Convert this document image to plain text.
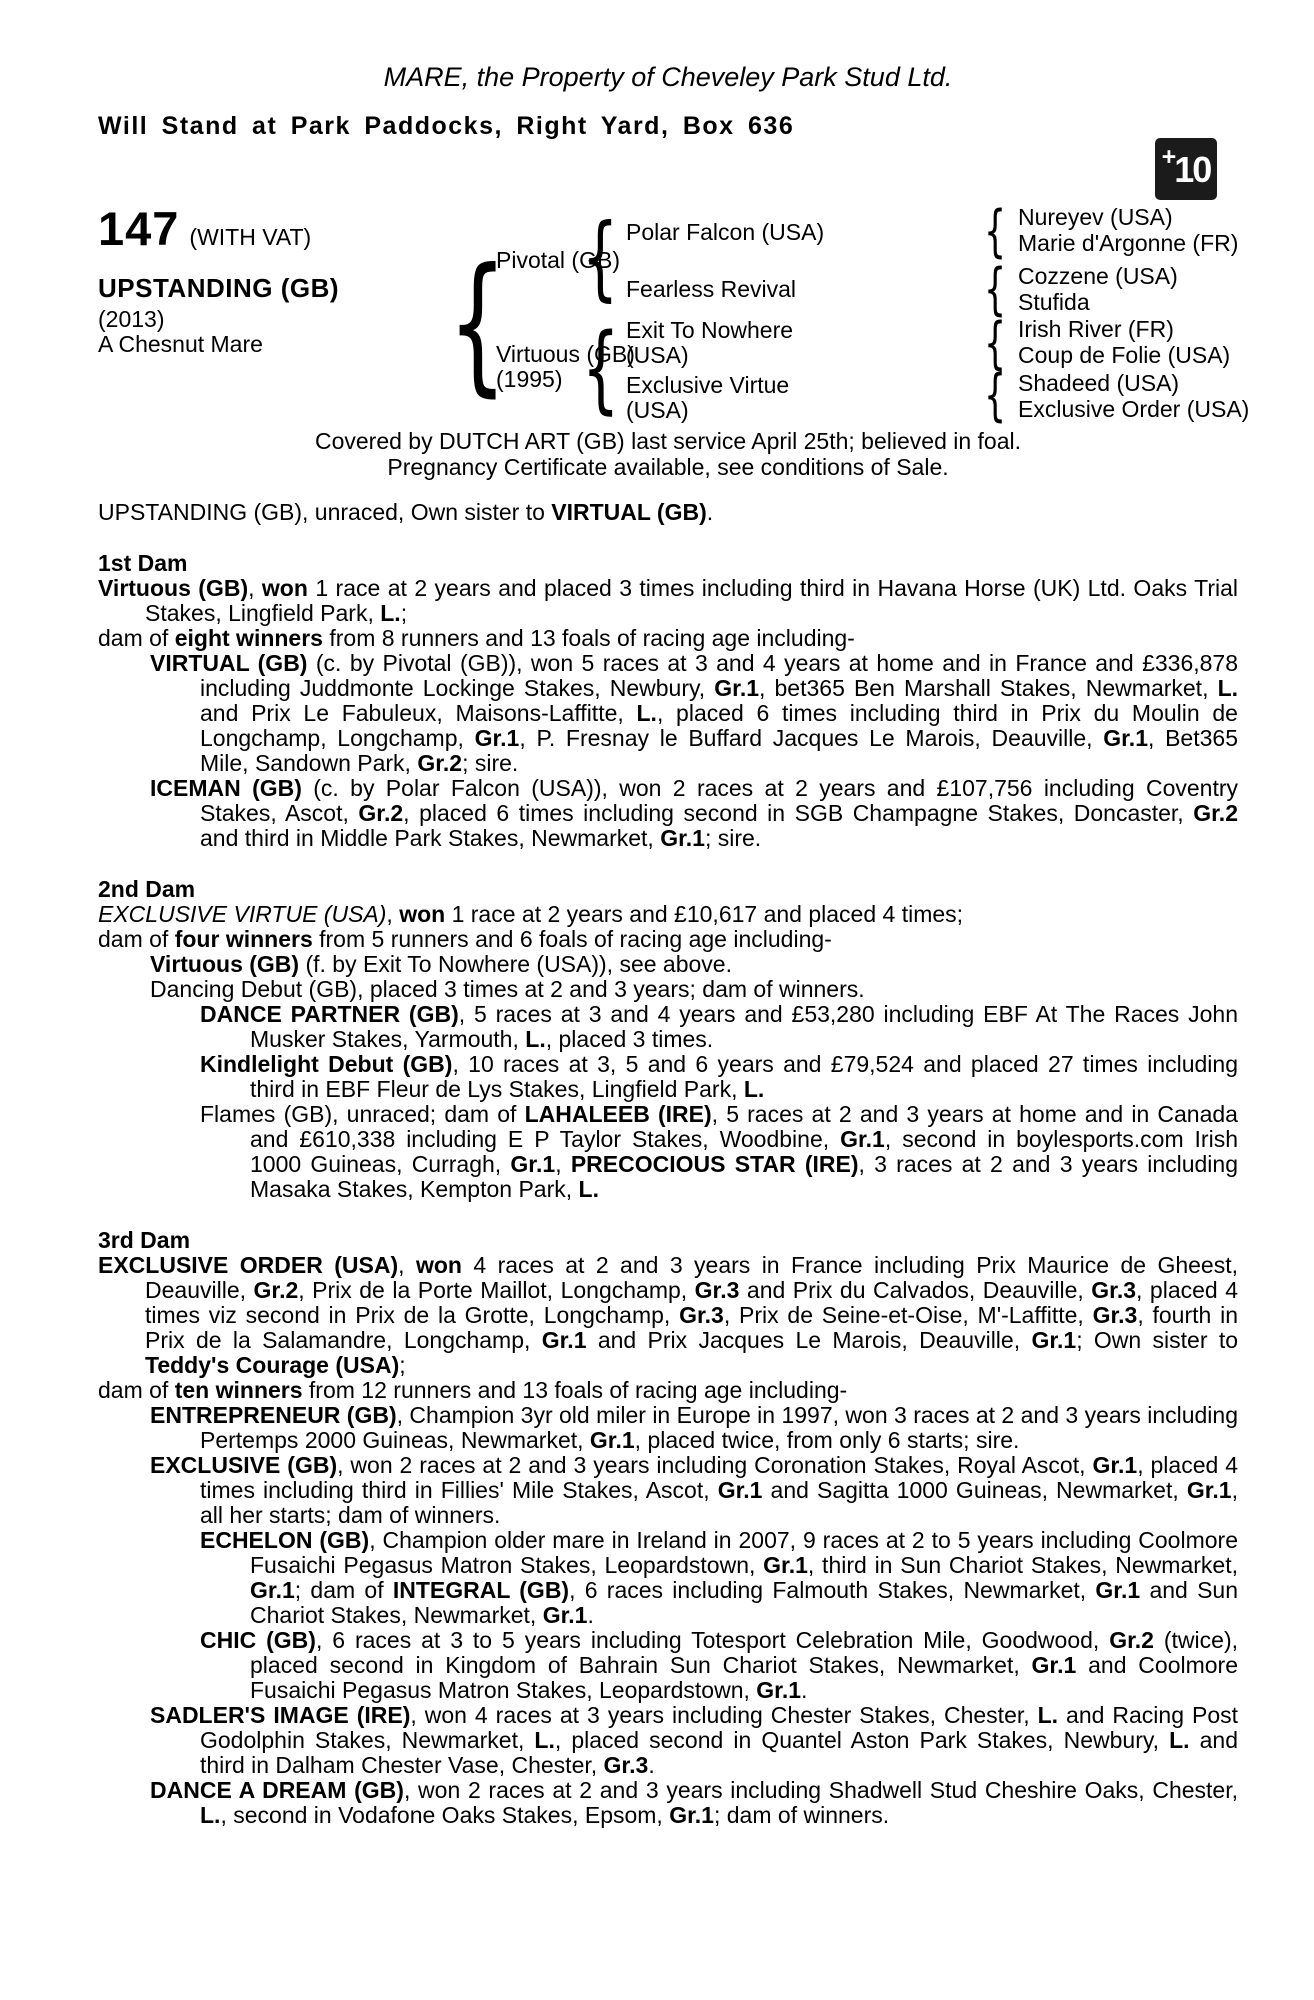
MARE, the Property of Cheveley Park Stud Ltd.
Will Stand at Park Paddocks, Right Yard, Box 636
+
10
147 (WITH VAT)
UPSTANDING (GB)
(2013)
A Chesnut Mare
{
{
{
{
{
{
{
Pivotal (GB)
Virtuous (GB)
(1995)
Polar Falcon (USA)
Fearless Revival
Exit To Nowhere (USA)
Exclusive Virtue (USA)
Nureyev (USA)
Marie d'Argonne (FR)
Cozzene (USA)
Stufida
Irish River (FR)
Coup de Folie (USA)
Shadeed (USA)
Exclusive Order (USA)
Covered by DUTCH ART (GB) last service April 25th; believed in foal.
Pregnancy Certificate available, see conditions of Sale.

UPSTANDING (GB), unraced, Own sister to VIRTUAL (GB).

1st Dam

Virtuous (GB), won 1 race at 2 years and placed 3 times including third in Havana Horse (UK) Ltd. Oaks Trial Stakes, Lingfield Park, L.;

dam of eight winners from 8 runners and 13 foals of racing age including-

VIRTUAL (GB) (c. by Pivotal (GB)), won 5 races at 3 and 4 years at home and in France and £336,878 including Juddmonte Lockinge Stakes, Newbury, Gr.1, bet365 Ben Marshall Stakes, Newmarket, L. and Prix Le Fabuleux, Maisons-Laffitte, L., placed 6 times including third in Prix du Moulin de Longchamp, Longchamp, Gr.1, P. Fresnay le Buffard Jacques Le Marois, Deauville, Gr.1, Bet365 Mile, Sandown Park, Gr.2; sire.

ICEMAN (GB) (c. by Polar Falcon (USA)), won 2 races at 2 years and £107,756 including Coventry Stakes, Ascot, Gr.2, placed 6 times including second in SGB Champagne Stakes, Doncaster, Gr.2 and third in Middle Park Stakes, Newmarket, Gr.1; sire.

2nd Dam

EXCLUSIVE VIRTUE (USA), won 1 race at 2 years and £10,617 and placed 4 times;

dam of four winners from 5 runners and 6 foals of racing age including-

Virtuous (GB) (f. by Exit To Nowhere (USA)), see above.

Dancing Debut (GB), placed 3 times at 2 and 3 years; dam of winners.

DANCE PARTNER (GB), 5 races at 3 and 4 years and £53,280 including EBF At The Races John Musker Stakes, Yarmouth, L., placed 3 times.

Kindlelight Debut (GB), 10 races at 3, 5 and 6 years and £79,524 and placed 27 times including third in EBF Fleur de Lys Stakes, Lingfield Park, L.

Flames (GB), unraced; dam of LAHALEEB (IRE), 5 races at 2 and 3 years at home and in Canada and £610,338 including E P Taylor Stakes, Woodbine, Gr.1, second in boylesports.com Irish 1000 Guineas, Curragh, Gr.1, PRECOCIOUS STAR (IRE), 3 races at 2 and 3 years including Masaka Stakes, Kempton Park, L.

3rd Dam

EXCLUSIVE ORDER (USA), won 4 races at 2 and 3 years in France including Prix Maurice de Gheest, Deauville, Gr.2, Prix de la Porte Maillot, Longchamp, Gr.3 and Prix du Calvados, Deauville, Gr.3, placed 4 times viz second in Prix de la Grotte, Longchamp, Gr.3, Prix de Seine-et-Oise, M'-Laffitte, Gr.3, fourth in Prix de la Salamandre, Longchamp, Gr.1 and Prix Jacques Le Marois, Deauville, Gr.1; Own sister to Teddy's Courage (USA);

dam of ten winners from 12 runners and 13 foals of racing age including-

ENTREPRENEUR (GB), Champion 3yr old miler in Europe in 1997, won 3 races at 2 and 3 years including Pertemps 2000 Guineas, Newmarket, Gr.1, placed twice, from only 6 starts; sire.

EXCLUSIVE (GB), won 2 races at 2 and 3 years including Coronation Stakes, Royal Ascot, Gr.1, placed 4 times including third in Fillies' Mile Stakes, Ascot, Gr.1 and Sagitta 1000 Guineas, Newmarket, Gr.1, all her starts; dam of winners.

ECHELON (GB), Champion older mare in Ireland in 2007, 9 races at 2 to 5 years including Coolmore Fusaichi Pegasus Matron Stakes, Leopardstown, Gr.1, third in Sun Chariot Stakes, Newmarket, Gr.1; dam of INTEGRAL (GB), 6 races including Falmouth Stakes, Newmarket, Gr.1 and Sun Chariot Stakes, Newmarket, Gr.1.

CHIC (GB), 6 races at 3 to 5 years including Totesport Celebration Mile, Goodwood, Gr.2 (twice), placed second in Kingdom of Bahrain Sun Chariot Stakes, Newmarket, Gr.1 and Coolmore Fusaichi Pegasus Matron Stakes, Leopardstown, Gr.1.

SADLER'S IMAGE (IRE), won 4 races at 3 years including Chester Stakes, Chester, L. and Racing Post Godolphin Stakes, Newmarket, L., placed second in Quantel Aston Park Stakes, Newbury, L. and third in Dalham Chester Vase, Chester, Gr.3.

DANCE A DREAM (GB), won 2 races at 2 and 3 years including Shadwell Stud Cheshire Oaks, Chester, L., second in Vodafone Oaks Stakes, Epsom, Gr.1; dam of winners.
